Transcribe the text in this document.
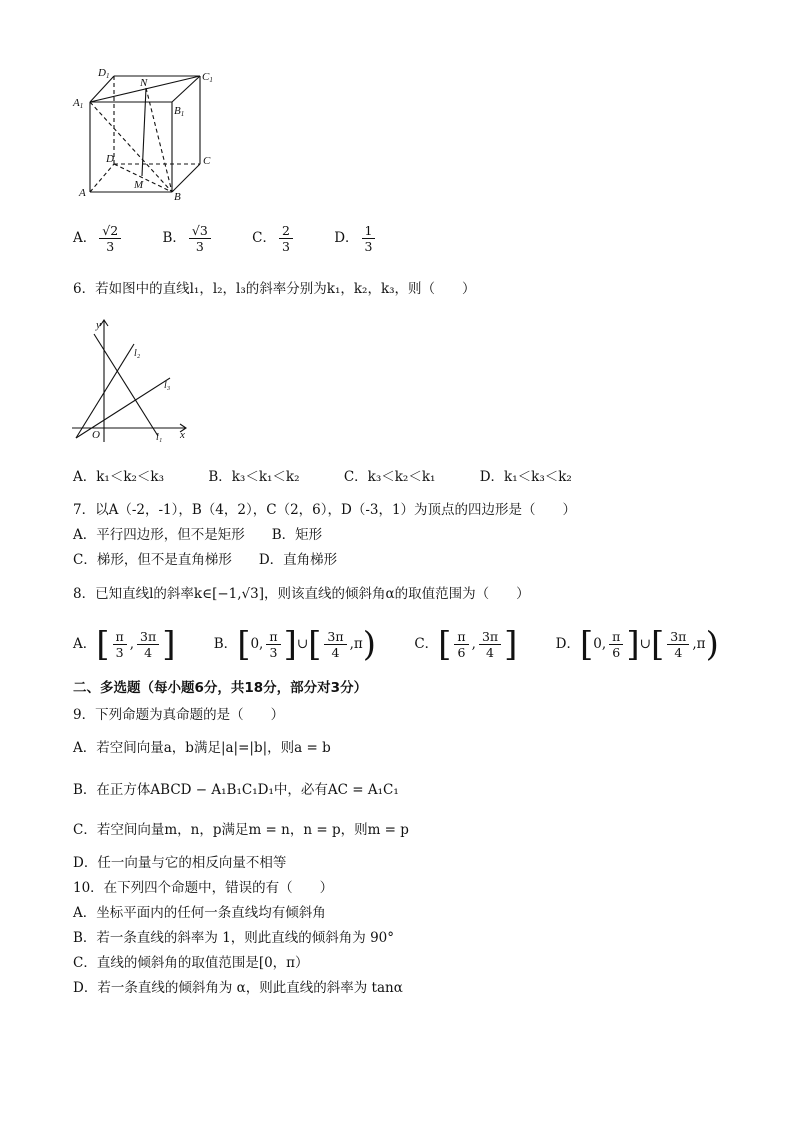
D1	C1
N
A1	B1
D	C
A
M
B
A． $\frac{√2}{3}$	B． $\frac{√3}{3}$	C． $\frac{2}{3}$	D． $\frac{1}{3}$
6．若如图中的直线l₁，l₂，l₃的斜率分别为k₁，k₂，k₃，则（　　）
y
x
O	l₁
l₂
l₃
A．k₁＜k₂＜k₃	B．k₃＜k₁＜k₂	C．k₃＜k₂＜k₁	D．k₁＜k₃＜k₂
7．以A（-2，-1），B（4，2），C（2，6），D（-3，1）为顶点的四边形是（　　）
A．平行四边形，但不是矩形　　B．矩形
C．梯形，但不是直角梯形　　D．直角梯形
8．已知直线l的斜率k∈[−1,√3]，则该直线的倾斜角α的取值范围为（　　）
A．[ $\frac{\pi}{3}$ , $\frac{3\pi}{4}$ ]	B．[0, $\frac{\pi}{3}$ ]∪[ $\frac{3\pi}{4} ,\pi$)	C．[ $\frac{\pi}{6}$ , $\frac{3\pi}{4}$ ]	D．[0, $\frac{\pi}{6}$ ]∪[ $\frac{3\pi}{4} ,\pi$)
二、多选题（每小题6分，共18分，部分对3分）
9．下列命题为真命题的是（　　）
A．若空间向量a，b满足|a|=|b|，则a = b
B．在正方体ABCD − A₁B₁C₁D₁中，必有AC = A₁C₁
C．若空间向量m，n，p满足m = n，n = p，则m = p
D．任一向量与它的相反向量不相等
10．在下列四个命题中，错误的有（　　）
A．坐标平面内的任何一条直线均有倾斜角
B．若一条直线的斜率为 1，则此直线的倾斜角为 90°
C．直线的倾斜角的取值范围是[0，π）
D．若一条直线的倾斜角为 α，则此直线的斜率为 tanα
